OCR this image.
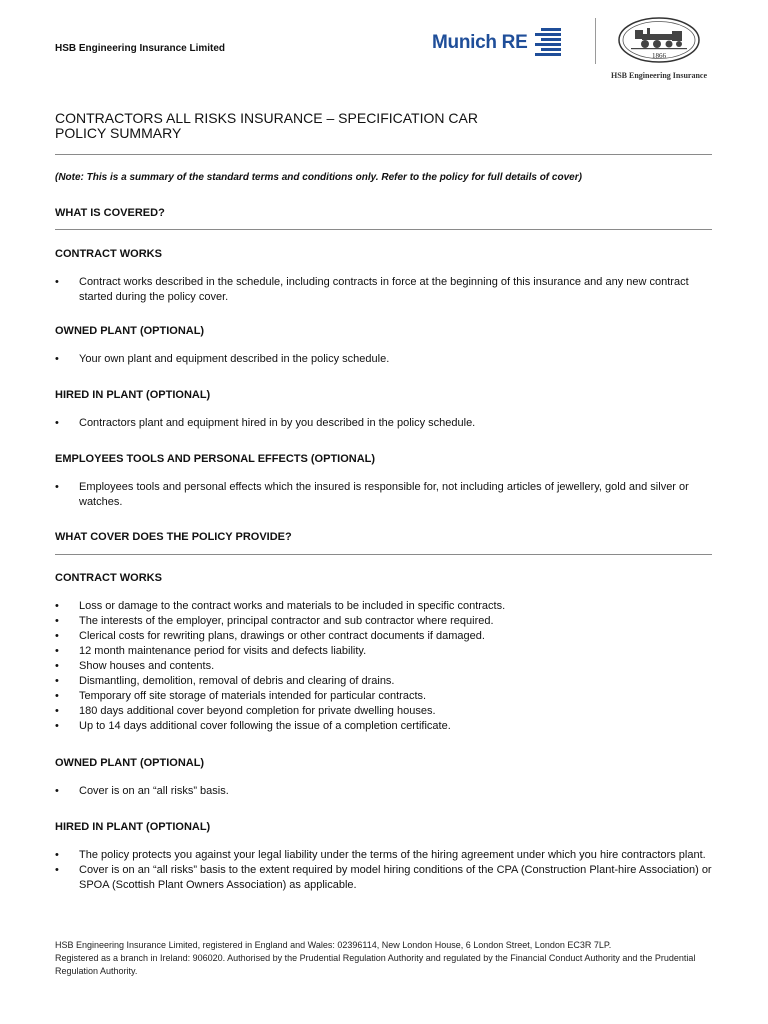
HSB Engineering Insurance Limited	Munich RE
1866
HSB Engineering Insurance
CONTRACTORS ALL RISKS INSURANCE – SPECIFICATION CAR
POLICY SUMMARY
(Note: This is a summary of the standard terms and conditions only. Refer to the policy for full details of cover)
WHAT IS COVERED?
CONTRACT WORKS
• Contract works described in the schedule, including contracts in force at the beginning of this insurance and any new contract started during the policy cover.
OWNED PLANT (OPTIONAL)
• Your own plant and equipment described in the policy schedule.
HIRED IN PLANT (OPTIONAL)
• Contractors plant and equipment hired in by you described in the policy schedule.
EMPLOYEES TOOLS AND PERSONAL EFFECTS (OPTIONAL)
• Employees tools and personal effects which the insured is responsible for, not including articles of jewellery, gold and silver or watches.
WHAT COVER DOES THE POLICY PROVIDE?
CONTRACT WORKS
• Loss or damage to the contract works and materials to be included in specific contracts.
• The interests of the employer, principal contractor and sub contractor where required.
• Clerical costs for rewriting plans, drawings or other contract documents if damaged.
• 12 month maintenance period for visits and defects liability.
• Show houses and contents.
• Dismantling, demolition, removal of debris and clearing of drains.
• Temporary off site storage of materials intended for particular contracts.
• 180 days additional cover beyond completion for private dwelling houses.
• Up to 14 days additional cover following the issue of a completion certificate.
OWNED PLANT (OPTIONAL)
• Cover is on an “all risks” basis.
HIRED IN PLANT (OPTIONAL)
• The policy protects you against your legal liability under the terms of the hiring agreement under which you hire contractors plant.
• Cover is on an “all risks” basis to the extent required by model hiring conditions of the CPA (Construction Plant-hire Association) or SPOA (Scottish Plant Owners Association) as applicable.
HSB Engineering Insurance Limited, registered in England and Wales: 02396114, New London House, 6 London Street, London EC3R 7LP.
Registered as a branch in Ireland: 906020. Authorised by the Prudential Regulation Authority and regulated by the Financial Conduct Authority and the Prudential Regulation Authority.
